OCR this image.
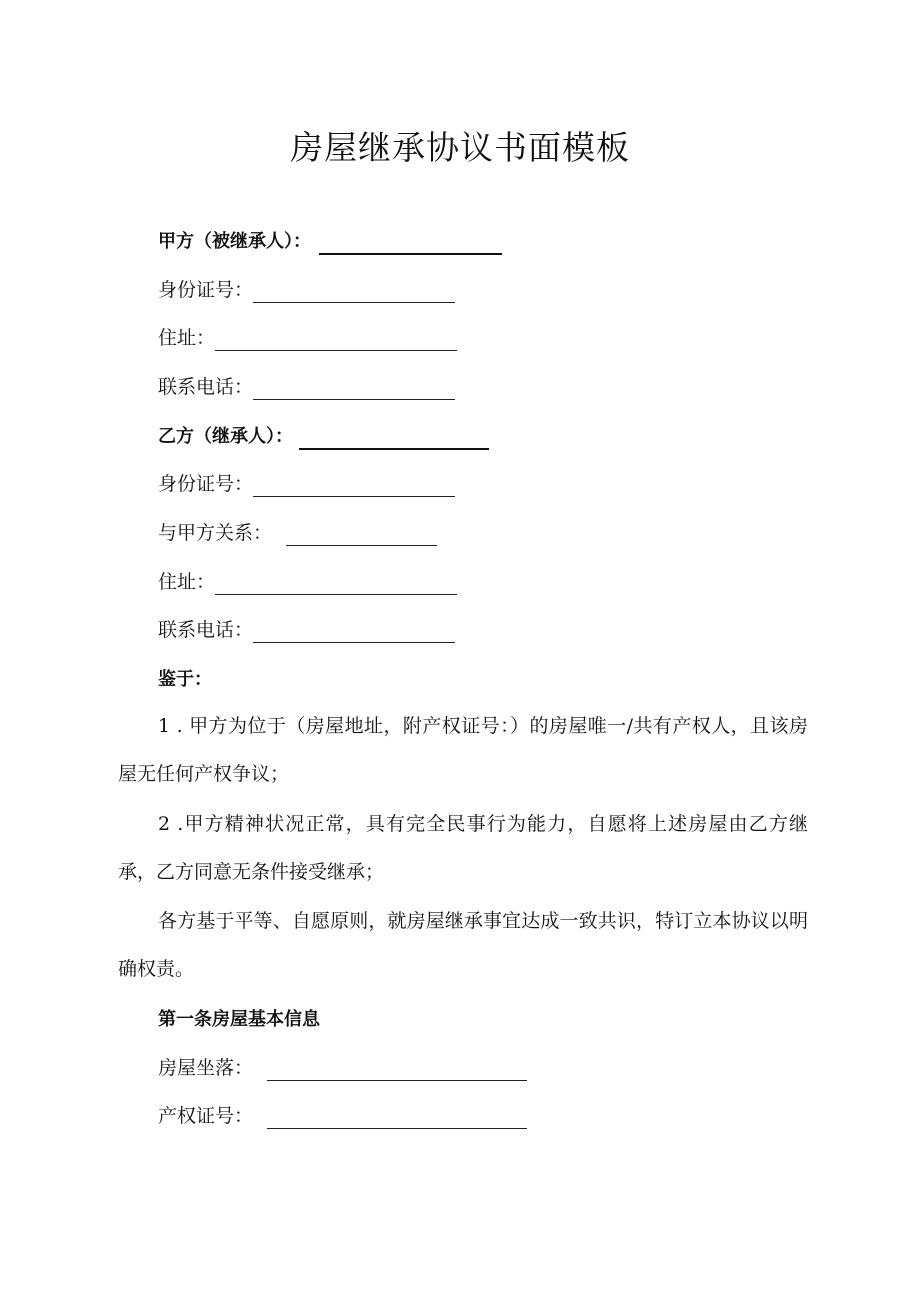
房屋继承协议书面模板
甲方（被继承人）：
身份证号：
住址：
联系电话：
乙方（继承人）：
身份证号：
与甲方关系：
住址：
联系电话：
鉴于：

1 . 甲方为位于（房屋地址，附产权证号：）的房屋唯一/共有产权人，且该房屋无任何产权争议；

2 .甲方精神状况正常，具有完全民事行为能力，自愿将上述房屋由乙方继承，乙方同意无条件接受继承；

各方基于平等、自愿原则，就房屋继承事宜达成一致共识，特订立本协议以明确权责。

第一条房屋基本信息
房屋坐落：
产权证号：
